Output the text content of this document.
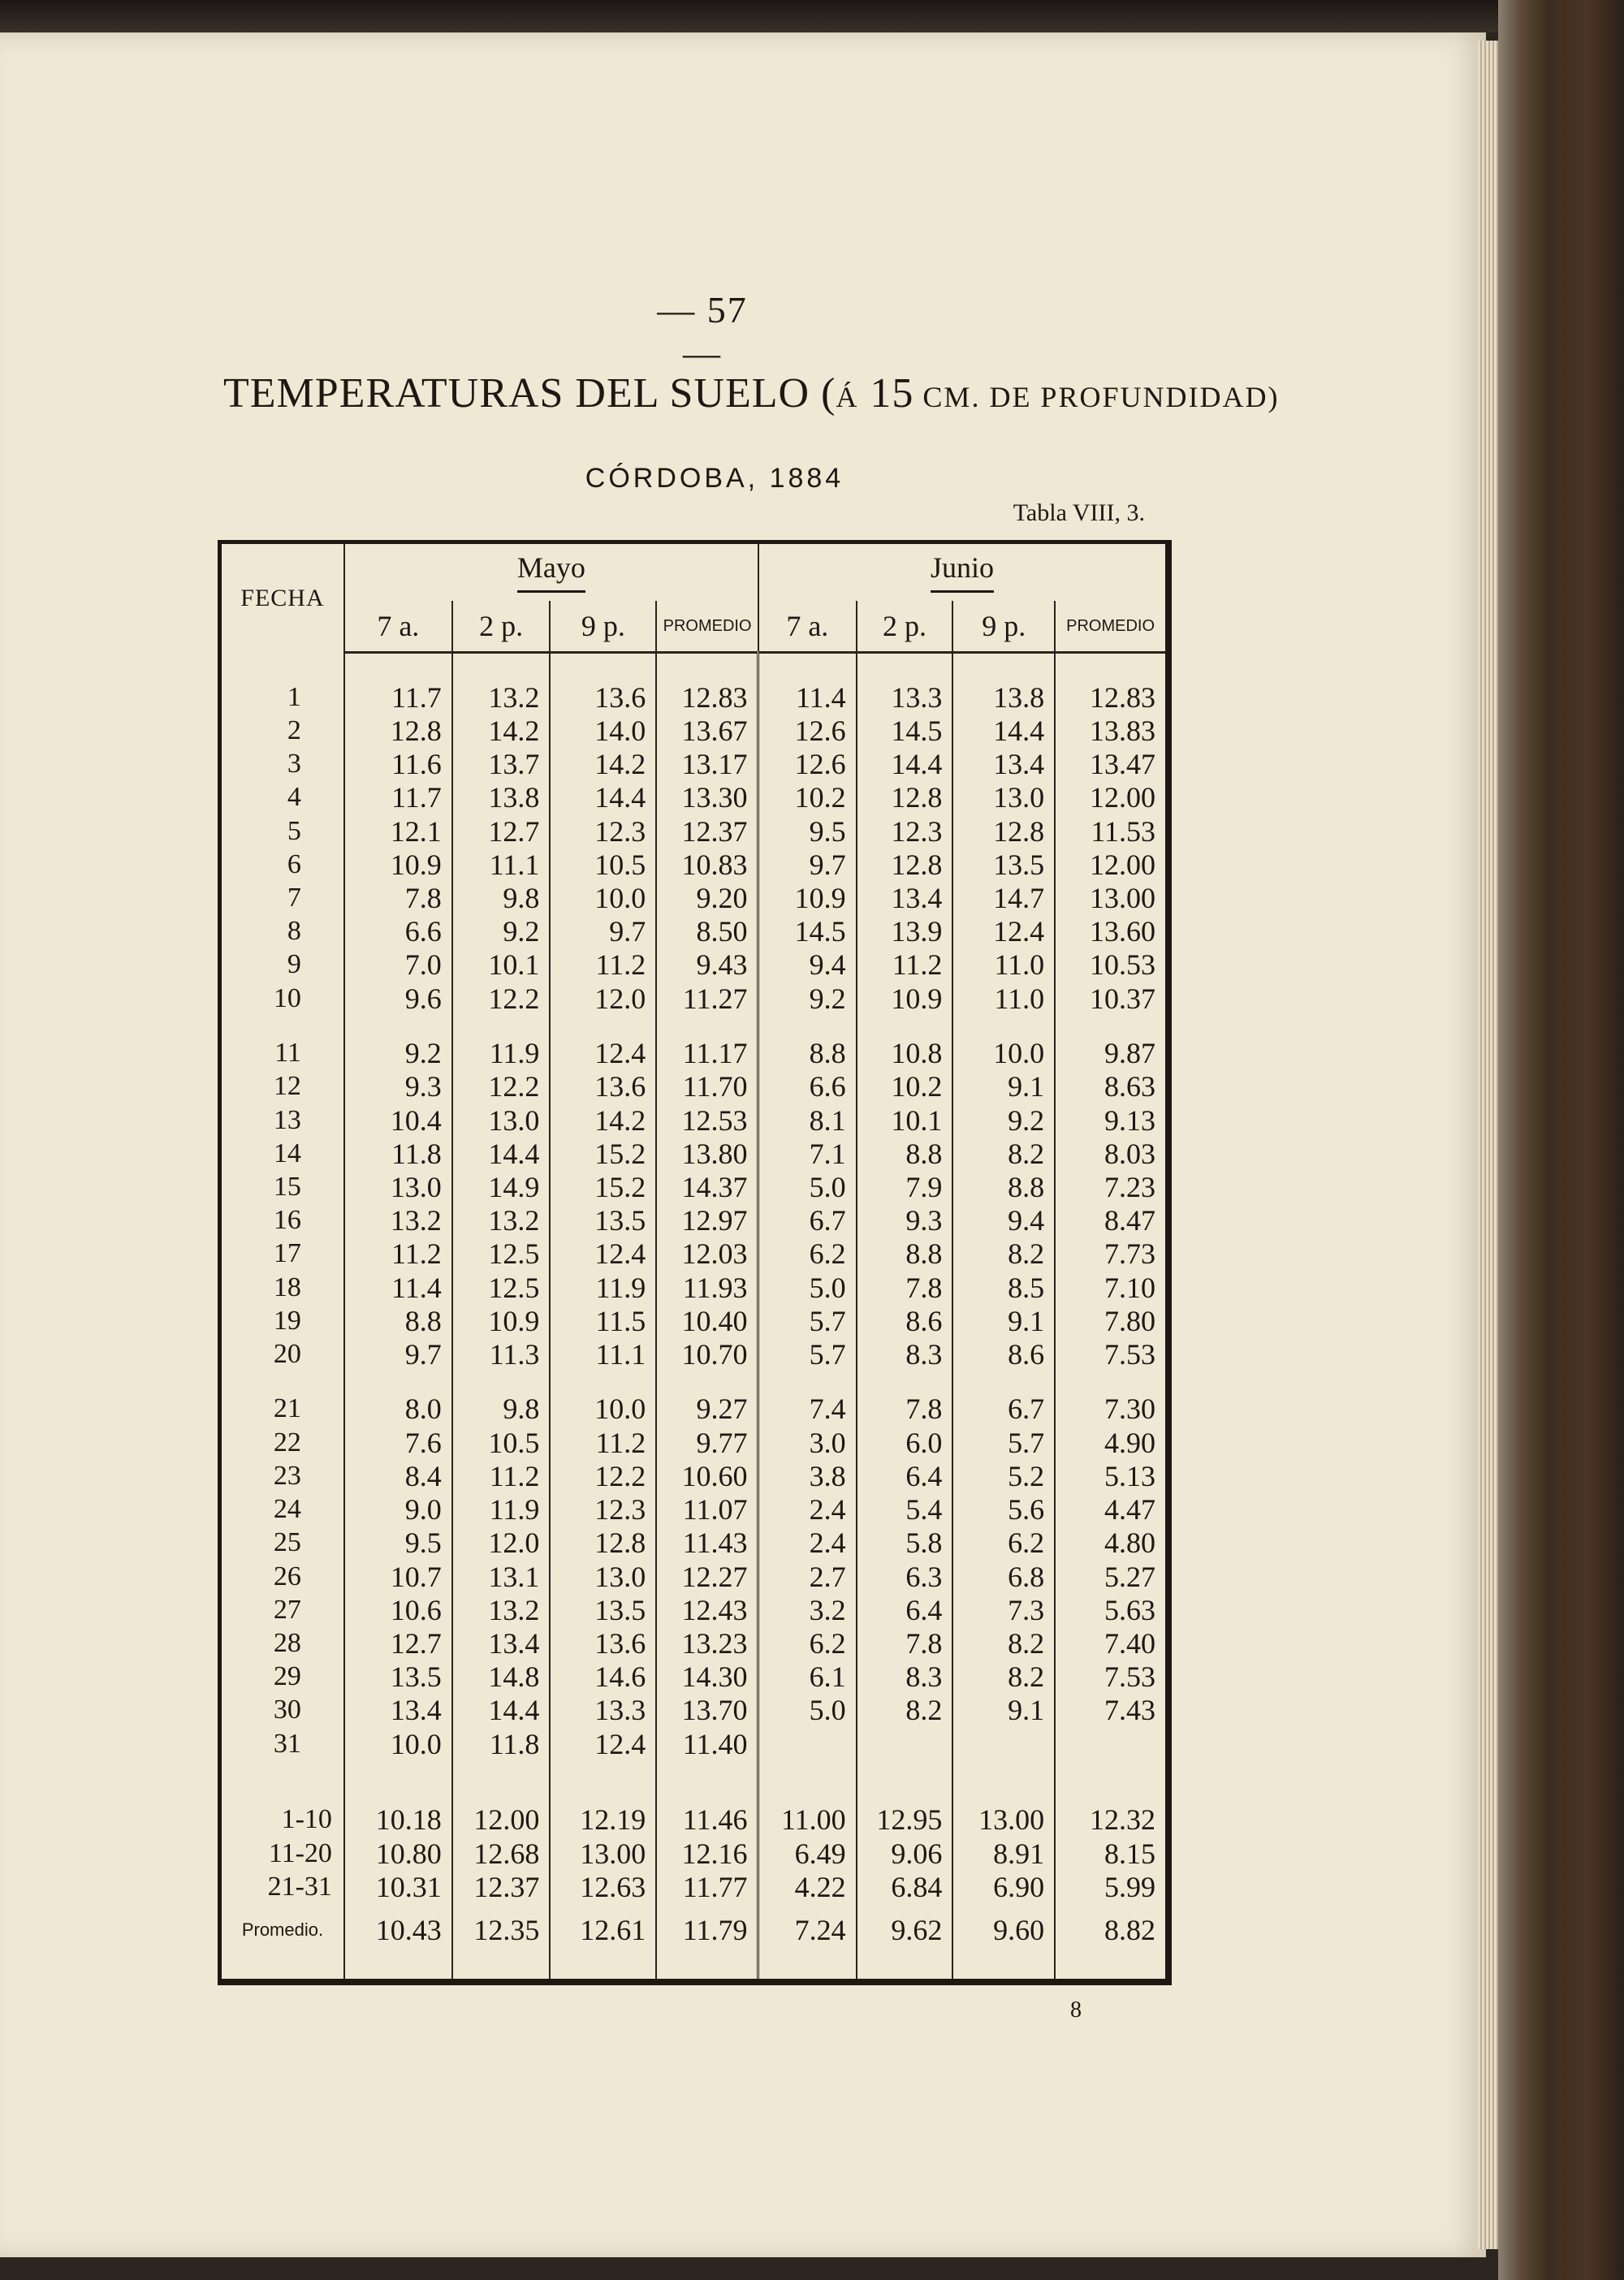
— 57 —
TEMPERATURAS DEL SUELO (Á 15 CM. DE PROFUNDIDAD)
CÓRDOBA, 1884
Tabla VIII, 3.
FECHA	Mayo				Junio			
	7 a.	2 p.	9 p.	PROMEDIO	7 a.	2 p.	9 p.	PROMEDIO

1	11.7	13.2	13.6	12.83	11.4	13.3	13.8	12.83
2	12.8	14.2	14.0	13.67	12.6	14.5	14.4	13.83
3	11.6	13.7	14.2	13.17	12.6	14.4	13.4	13.47
4	11.7	13.8	14.4	13.30	10.2	12.8	13.0	12.00
5	12.1	12.7	12.3	12.37	9.5	12.3	12.8	11.53
6	10.9	11.1	10.5	10.83	9.7	12.8	13.5	12.00
7	7.8	9.8	10.0	9.20	10.9	13.4	14.7	13.00
8	6.6	9.2	9.7	8.50	14.5	13.9	12.4	13.60
9	7.0	10.1	11.2	9.43	9.4	11.2	11.0	10.53
10	9.6	12.2	12.0	11.27	9.2	10.9	11.0	10.37

11	9.2	11.9	12.4	11.17	8.8	10.8	10.0	9.87
12	9.3	12.2	13.6	11.70	6.6	10.2	9.1	8.63
13	10.4	13.0	14.2	12.53	8.1	10.1	9.2	9.13
14	11.8	14.4	15.2	13.80	7.1	8.8	8.2	8.03
15	13.0	14.9	15.2	14.37	5.0	7.9	8.8	7.23
16	13.2	13.2	13.5	12.97	6.7	9.3	9.4	8.47
17	11.2	12.5	12.4	12.03	6.2	8.8	8.2	7.73
18	11.4	12.5	11.9	11.93	5.0	7.8	8.5	7.10
19	8.8	10.9	11.5	10.40	5.7	8.6	9.1	7.80
20	9.7	11.3	11.1	10.70	5.7	8.3	8.6	7.53

21	8.0	9.8	10.0	9.27	7.4	7.8	6.7	7.30
22	7.6	10.5	11.2	9.77	3.0	6.0	5.7	4.90
23	8.4	11.2	12.2	10.60	3.8	6.4	5.2	5.13
24	9.0	11.9	12.3	11.07	2.4	5.4	5.6	4.47
25	9.5	12.0	12.8	11.43	2.4	5.8	6.2	4.80
26	10.7	13.1	13.0	12.27	2.7	6.3	6.8	5.27
27	10.6	13.2	13.5	12.43	3.2	6.4	7.3	5.63
28	12.7	13.4	13.6	13.23	6.2	7.8	8.2	7.40
29	13.5	14.8	14.6	14.30	6.1	8.3	8.2	7.53
30	13.4	14.4	13.3	13.70	5.0	8.2	9.1	7.43
31	10.0	11.8	12.4	11.40				

1-10	10.18	12.00	12.19	11.46	11.00	12.95	13.00	12.32
11-20	10.80	12.68	13.00	12.16	6.49	9.06	8.91	8.15
21-31	10.31	12.37	12.63	11.77	4.22	6.84	6.90	5.99
Promedio.	10.43	12.35	12.61	11.79	7.24	9.62	9.60	8.82

8
